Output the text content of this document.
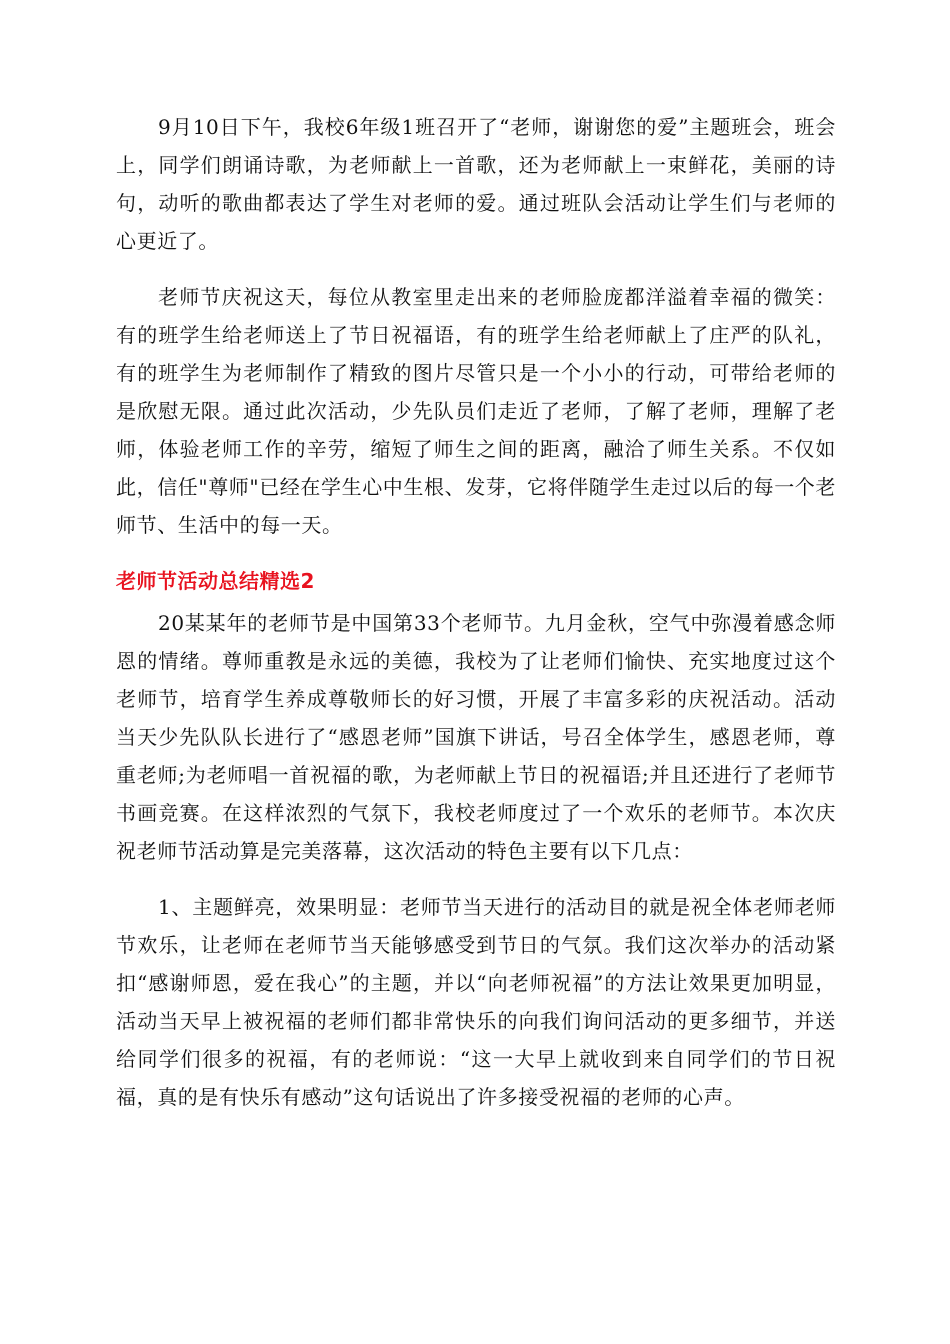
9月10日下午，我校6年级1班召开了“老师，谢谢您的爱”主题班会，班会上，同学们朗诵诗歌，为老师献上一首歌，还为老师献上一束鲜花，美丽的诗句，动听的歌曲都表达了学生对老师的爱。通过班队会活动让学生们与老师的心更近了。

老师节庆祝这天，每位从教室里走出来的老师脸庞都洋溢着幸福的微笑：有的班学生给老师送上了节日祝福语，有的班学生给老师献上了庄严的队礼，有的班学生为老师制作了精致的图片尽管只是一个小小的行动，可带给老师的是欣慰无限。通过此次活动，少先队员们走近了老师，了解了老师，理解了老师，体验老师工作的辛劳，缩短了师生之间的距离，融洽了师生关系。不仅如此，信任"尊师"已经在学生心中生根、发芽，它将伴随学生走过以后的每一个老师节、生活中的每一天。

老师节活动总结精选2

20某某年的老师节是中国第33个老师节。九月金秋，空气中弥漫着感念师恩的情绪。尊师重教是永远的美德，我校为了让老师们愉快、充实地度过这个老师节，培育学生养成尊敬师长的好习惯，开展了丰富多彩的庆祝活动。活动当天少先队队长进行了“感恩老师”国旗下讲话，号召全体学生，感恩老师，尊重老师;为老师唱一首祝福的歌，为老师献上节日的祝福语;并且还进行了老师节书画竞赛。在这样浓烈的气氛下，我校老师度过了一个欢乐的老师节。本次庆祝老师节活动算是完美落幕，这次活动的特色主要有以下几点：

1、主题鲜亮，效果明显：老师节当天进行的活动目的就是祝全体老师老师节欢乐，让老师在老师节当天能够感受到节日的气氛。我们这次举办的活动紧扣“感谢师恩，爱在我心”的主题，并以“向老师祝福”的方法让效果更加明显，活动当天早上被祝福的老师们都非常快乐的向我们询问活动的更多细节，并送给同学们很多的祝福，有的老师说：“这一大早上就收到来自同学们的节日祝福，真的是有快乐有感动”这句话说出了许多接受祝福的老师的心声。
